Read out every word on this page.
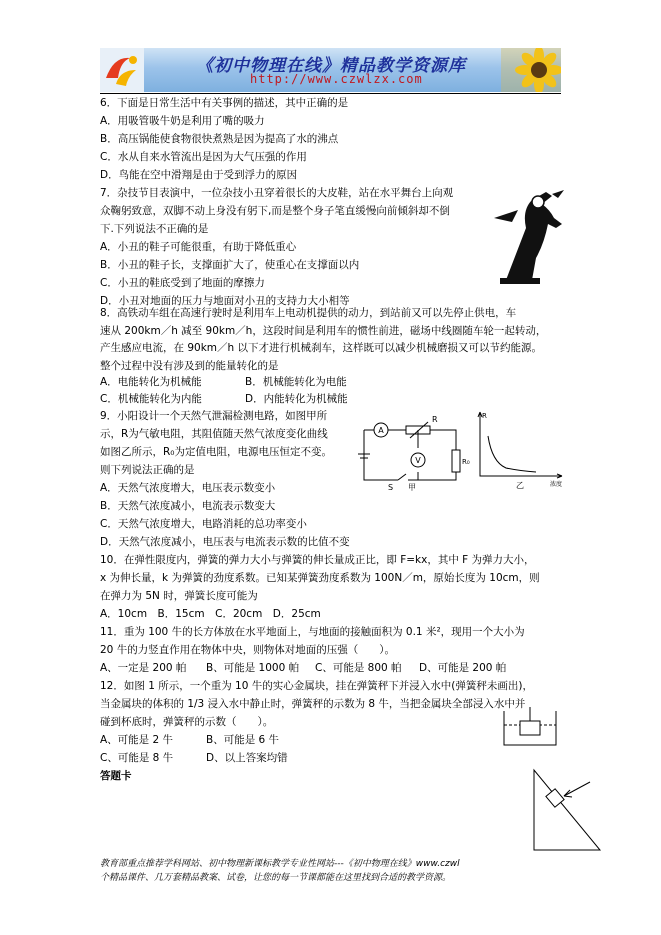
《初中物理在线》精品教学资源库
http://www.czwlzx.com
6．下面是日常生活中有关事例的描述，其中正确的是
A．用吸管吸牛奶是利用了嘴的吸力
B．高压锅能使食物很快煮熟是因为提高了水的沸点
C．水从自来水管流出是因为大气压强的作用
D．鸟能在空中滑翔是由于受到浮力的原因
7．杂技节目表演中，一位杂技小丑穿着很长的大皮鞋，站在水平舞台上向观
众鞠躬致意，双脚不动上身没有躬下,而是整个身子笔直缓慢向前倾斜却不倒
下.下列说法不正确的是
A．小丑的鞋子可能很重，有助于降低重心
B．小丑的鞋子长，支撑面扩大了，使重心在支撑面以内
C．小丑的鞋底受到了地面的摩擦力
D．小丑对地面的压力与地面对小丑的支持力大小相等
8．高铁动车组在高速行驶时是利用车上电动机提供的动力，到站前又可以先停止供电，车
速从 200km／h 减至 90km／h，这段时间是利用车的惯性前进，磁场中线圈随车轮一起转动，
产生感应电流，在 90km／h 以下才进行机械刹车，这样既可以减少机械磨损又可以节约能源。
整个过程中没有涉及到的能量转化的是
A．电能转化为机械能	B．机械能转化为电能
C．机械能转化为内能	D．内能转化为机械能
9．小阳设计一个天然气泄漏检测电路，如图甲所
示，R为气敏电阻，其阻值随天然气浓度变化曲线
如图乙所示，R₀为定值电阻，电源电压恒定不变。
则下列说法正确的是
A．天然气浓度增大，电压表示数变小
B．天然气浓度减小，电流表示数变大
C．天然气浓度增大，电路消耗的总功率变小
D．天然气浓度减小，电压表与电流表示数的比值不变
A
V
R
R₀
S 甲
R
乙	浓度
10．在弹性限度内，弹簧的弹力大小与弹簧的伸长量成正比，即 F=kx，其中 F 为弹力大小，
x 为伸长量，k 为弹簧的劲度系数。已知某弹簧劲度系数为 100N／m，原始长度为 10cm，则
在弹力为 5N 时，弹簧长度可能为
A．10cm　B．15cm　C．20cm　D．25cm
11．重为 100 牛的长方体放在水平地面上，与地面的接触面积为 0.1 米²，现用一个大小为
20 牛的力竖直作用在物体中央，则物体对地面的压强（　　）。
A、一定是 200 帕 B、可能是 1000 帕 C、可能是 800 帕 D、可能是 200 帕
12．如图 1 所示，一个重为 10 牛的实心金属块，挂在弹簧秤下并浸入水中(弹簧秤未画出)，
当金属块的体积的 1/3 浸入水中静止时，弹簧秤的示数为 8 牛，当把金属块全部浸入水中并
碰到杯底时，弹簧秤的示数（　　）。
A、可能是 2 牛	B、可能是 6 牛
C、可能是 8 牛	D、以上答案均错
答题卡
教育部重点推荐学科网站、初中物理新课标教学专业性网站---《初中物理在线》www.czwl
个精品课件、几万套精品教案、试卷，让您的每一节课都能在这里找到合适的教学资源。
